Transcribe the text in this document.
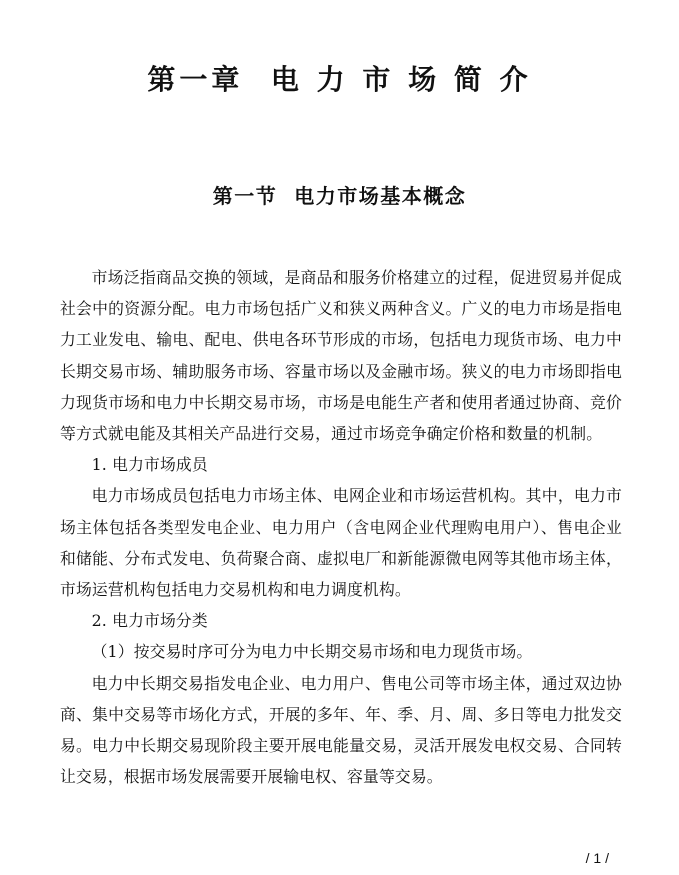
第一章  电 力 市 场 简 介
第一节  电力市场基本概念

市场泛指商品交换的领域，是商品和服务价格建立的过程，促进贸易并促成社会中的资源分配。电力市场包括广义和狭义两种含义。广义的电力市场是指电力工业发电、输电、配电、供电各环节形成的市场，包括电力现货市场、电力中长期交易市场、辅助服务市场、容量市场以及金融市场。狭义的电力市场即指电力现货市场和电力中长期交易市场，市场是电能生产者和使用者通过协商、竞价等方式就电能及其相关产品进行交易，通过市场竞争确定价格和数量的机制。

1. 电力市场成员

电力市场成员包括电力市场主体、电网企业和市场运营机构。其中，电力市场主体包括各类型发电企业、电力用户（含电网企业代理购电用户）、售电企业和储能、分布式发电、负荷聚合商、虚拟电厂和新能源微电网等其他市场主体，市场运营机构包括电力交易机构和电力调度机构。

2. 电力市场分类

（1）按交易时序可分为电力中长期交易市场和电力现货市场。

电力中长期交易指发电企业、电力用户、售电公司等市场主体，通过双边协商、集中交易等市场化方式，开展的多年、年、季、月、周、多日等电力批发交易。电力中长期交易现阶段主要开展电能量交易，灵活开展发电权交易、合同转让交易，根据市场发展需要开展输电权、容量等交易。

/ 1 /
